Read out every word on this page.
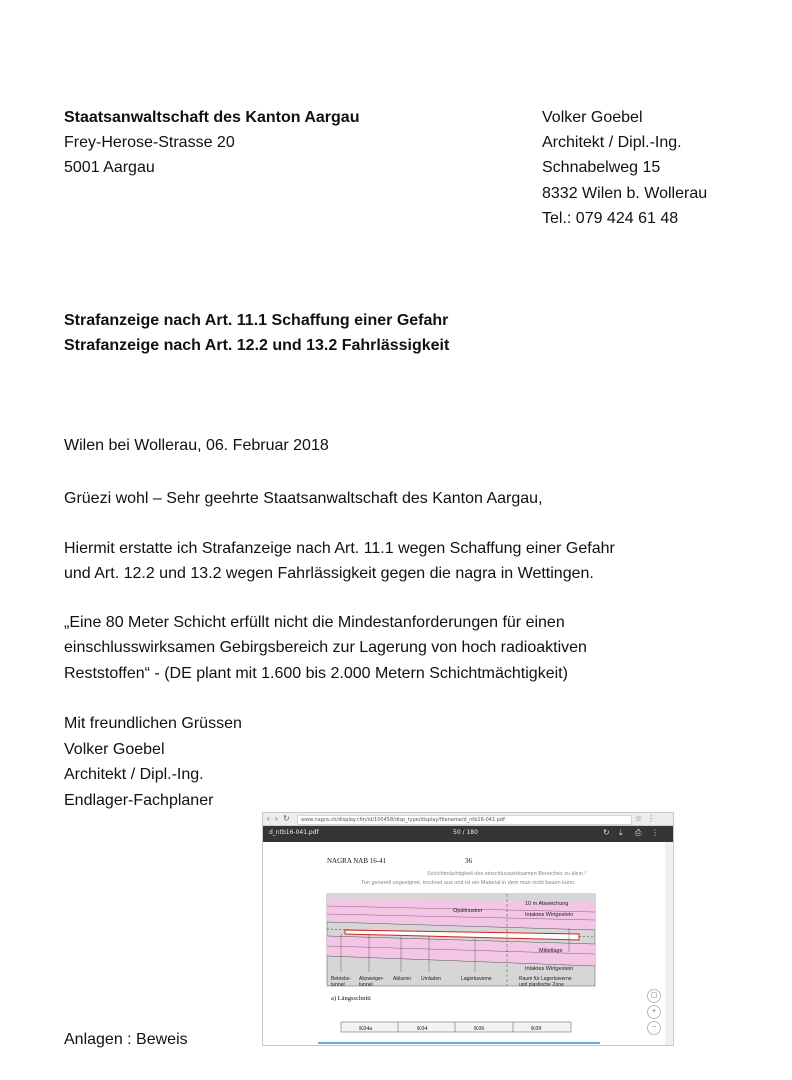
Staatsanwaltschaft des Kanton Aargau
Frey-Herose-Strasse 20
5001 Aargau
Volker Goebel
Architekt / Dipl.-Ing.
Schnabelweg 15
8332 Wilen b. Wollerau
Tel.: 079 424 61 48
Strafanzeige nach Art. 11.1 Schaffung einer Gefahr
Strafanzeige nach Art. 12.2 und 13.2 Fahrlässigkeit
Wilen bei Wollerau, 06. Februar 2018
Grüezi wohl – Sehr geehrte Staatsanwaltschaft des Kanton Aargau,
Hiermit erstatte ich Strafanzeige nach Art. 11.1 wegen Schaffung einer Gefahr
und Art. 12.2 und 13.2 wegen Fahrlässigkeit gegen die nagra in Wettingen.
„Eine 80 Meter Schicht erfüllt nicht die Mindestanforderungen für einen
einschlusswirksamen Gebirgsbereich zur Lagerung von hoch radioaktiven
Reststoffen“ - (DE plant mit 1.600 bis 2.000 Metern Schichtmächtigkeit)
Mit freundlichen Grüssen
Volker Goebel
Architekt / Dipl.-Ing.
Endlager-Fachplaner
Anlagen : Beweis
‹ › ↻	www.nagra.ch/display.cfm/id/100458/disp_type/display/filename/d_ntb16-041.pdf	☆ ⋮
d_ntb16-041.pdf	50 / 180	↻ ⤓ ⎙ ⋮
NAGRA NAB 16-41	36
Schichtmächtigkeit des einschlusswirksamen Bereiches zu klein !
Ton generell ungeeignet, trocknet aus und ist ein Material in dem man nicht bauen kann.
Opalinuston
10 m Abweichung
Intaktes Wirtgestein
Mittellage
Intaktes Wirtgestein
Betriebs-tunnel
Abzweiger-tunnel
Ablacen Umladen	Lagerkaverne	Raum für Lagerkaverne und plastische Zone
a) Längsschnitt
K04a	K04	K06	K09
▢
+
−
